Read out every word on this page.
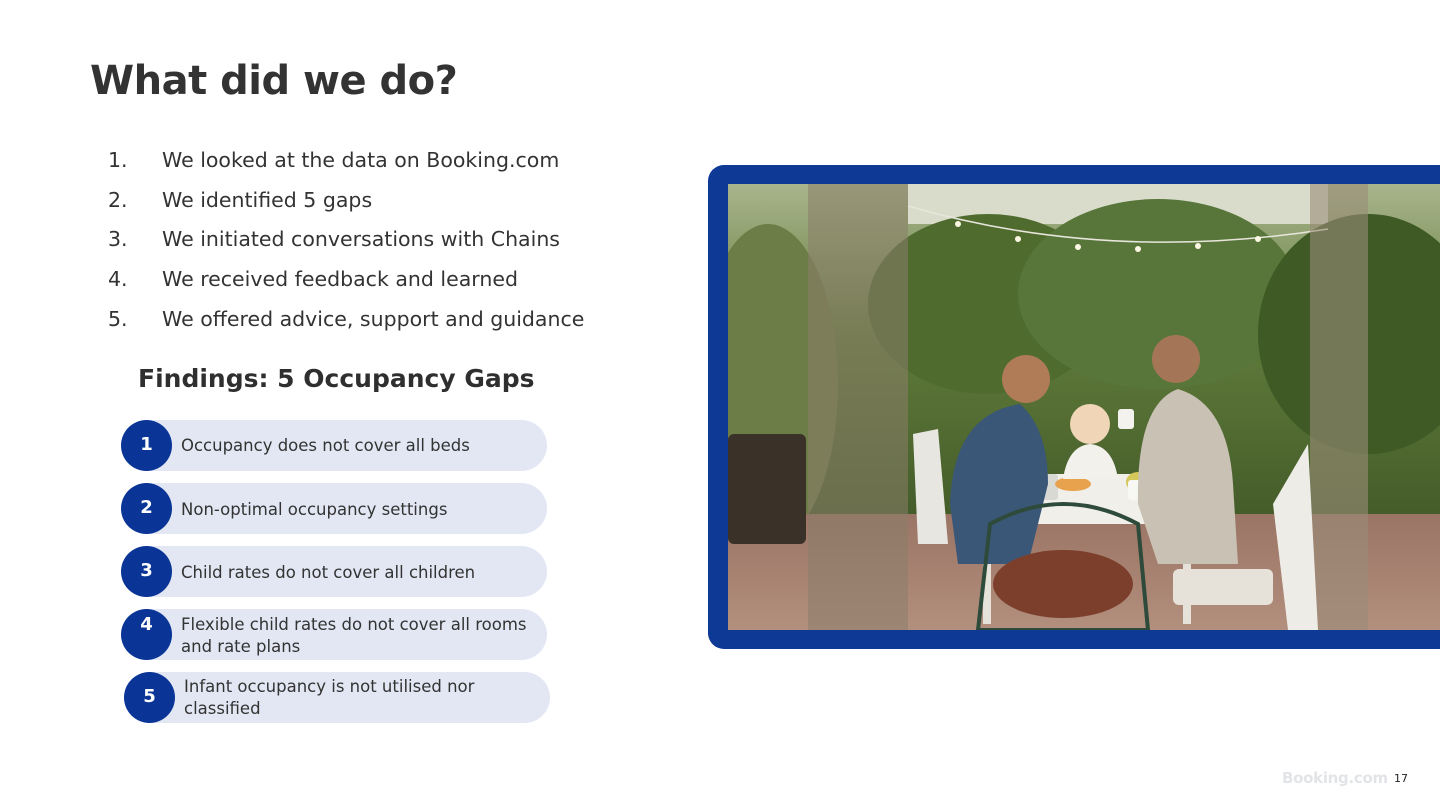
What did we do?
1.	We looked at the data on Booking.com
2.	We identified 5 gaps
3.	We initiated conversations with Chains
4.	We received feedback and learned
5.	We offered advice, support and guidance
Findings: 5 Occupancy Gaps
1 Occupancy does not cover all beds
2 Non-optimal occupancy settings
3 Child rates do not cover all children
4 Flexible child rates do not cover all rooms and rate plans
5 Infant occupancy is not utilised nor classified
Booking.com 17
